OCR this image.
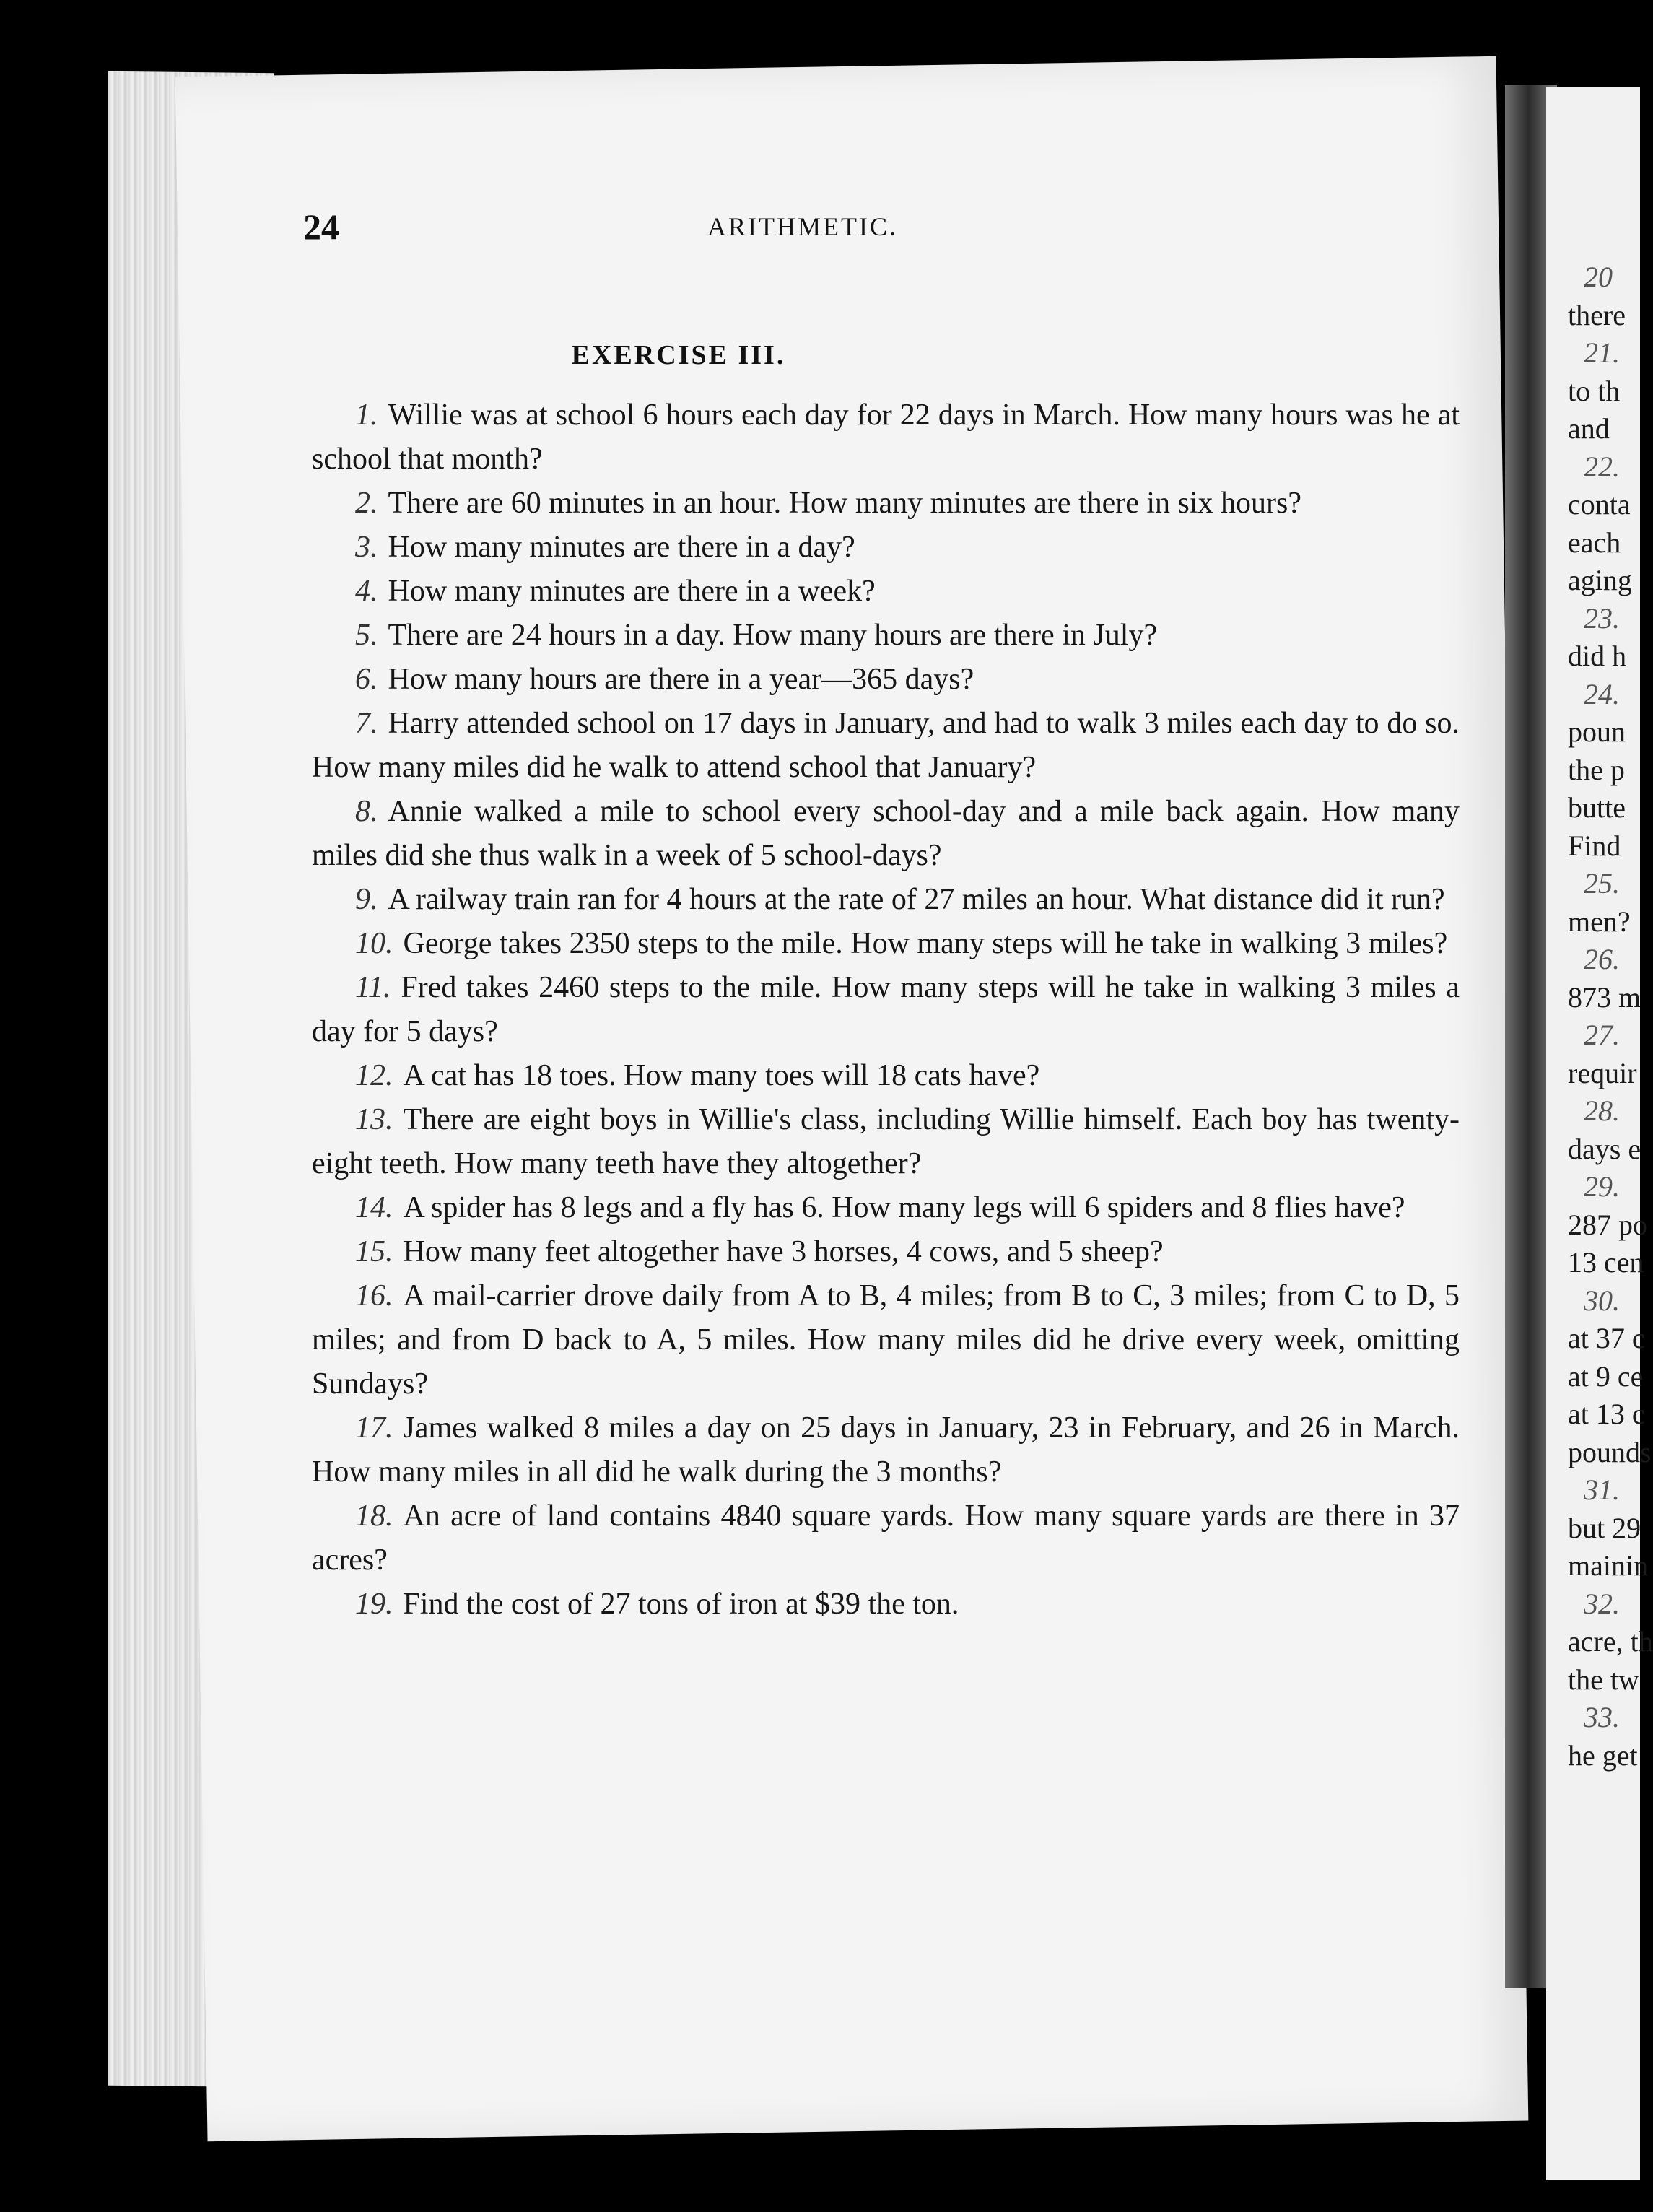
20
there
21.
to th
and
22.
conta
each
aging
23.
did h
24.
poun
the p
butte
Find
25.
men?
26.
873 m
27.
requir
28.
days e
29.
287 po
13 cen
30.
at 37 c
at 9 ce
at 13 c
pounds
31.
but 29
mainin
32.
acre, th
the tw
33.
he get
24	ARITHMETIC.
EXERCISE III.

1. Willie was at school 6 hours each day for 22 days in March. How many hours was he at school that month?

2. There are 60 minutes in an hour. How many minutes are there in six hours?

3. How many minutes are there in a day?

4. How many minutes are there in a week?

5. There are 24 hours in a day. How many hours are there in July?

6. How many hours are there in a year—365 days?

7. Harry attended school on 17 days in January, and had to walk 3 miles each day to do so. How many miles did he walk to attend school that January?

8. Annie walked a mile to school every school-day and a mile back again. How many miles did she thus walk in a week of 5 school-days?

9. A railway train ran for 4 hours at the rate of 27 miles an hour. What distance did it run?

10. George takes 2350 steps to the mile. How many steps will he take in walking 3 miles?

11. Fred takes 2460 steps to the mile. How many steps will he take in walking 3 miles a day for 5 days?

12. A cat has 18 toes. How many toes will 18 cats have?

13. There are eight boys in Willie's class, including Willie himself. Each boy has twenty-eight teeth. How many teeth have they altogether?

14. A spider has 8 legs and a fly has 6. How many legs will 6 spiders and 8 flies have?

15. How many feet altogether have 3 horses, 4 cows, and 5 sheep?

16. A mail-carrier drove daily from A to B, 4 miles; from B to C, 3 miles; from C to D, 5 miles; and from D back to A, 5 miles. How many miles did he drive every week, omitting Sundays?

17. James walked 8 miles a day on 25 days in January, 23 in February, and 26 in March. How many miles in all did he walk during the 3 months?

18. An acre of land contains 4840 square yards. How many square yards are there in 37 acres?

19. Find the cost of 27 tons of iron at $39 the ton.
